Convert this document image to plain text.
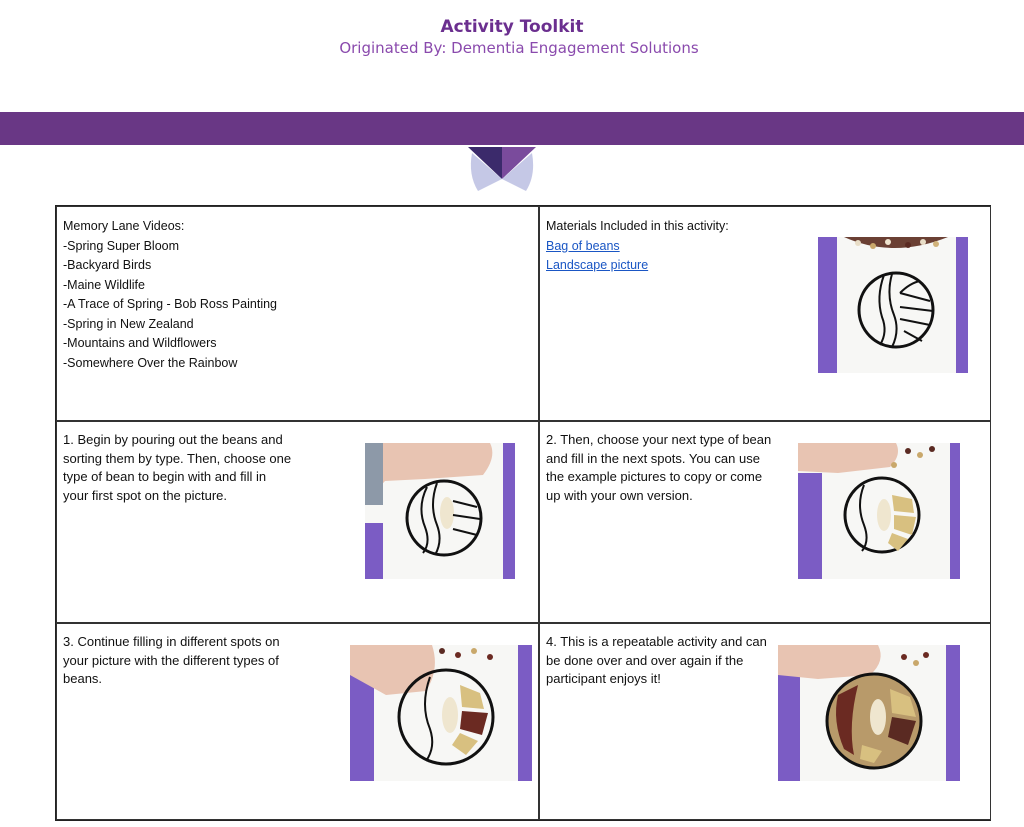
Activity Toolkit
Originated By: Dementia Engagement Solutions
Memory Lane Videos:
-Spring Super Bloom
-Backyard Birds
-Maine Wildlife
-A Trace of Spring - Bob Ross Painting
-Spring in New Zealand
-Mountains and Wildflowers
-Somewhere Over the Rainbow
Materials Included in this activity:
Bag of beans
Landscape picture
1. Begin by pouring out the beans and sorting them by type. Then, choose one type of bean to begin with and fill in your first spot on the picture.
2. Then, choose your next type of bean and fill in the next spots. You can use the example pictures to copy or come up with your own version.
3. Continue filling in different spots on your picture with the different types of beans.
4. This is a repeatable activity and can be done over and over again if the participant enjoys it!
